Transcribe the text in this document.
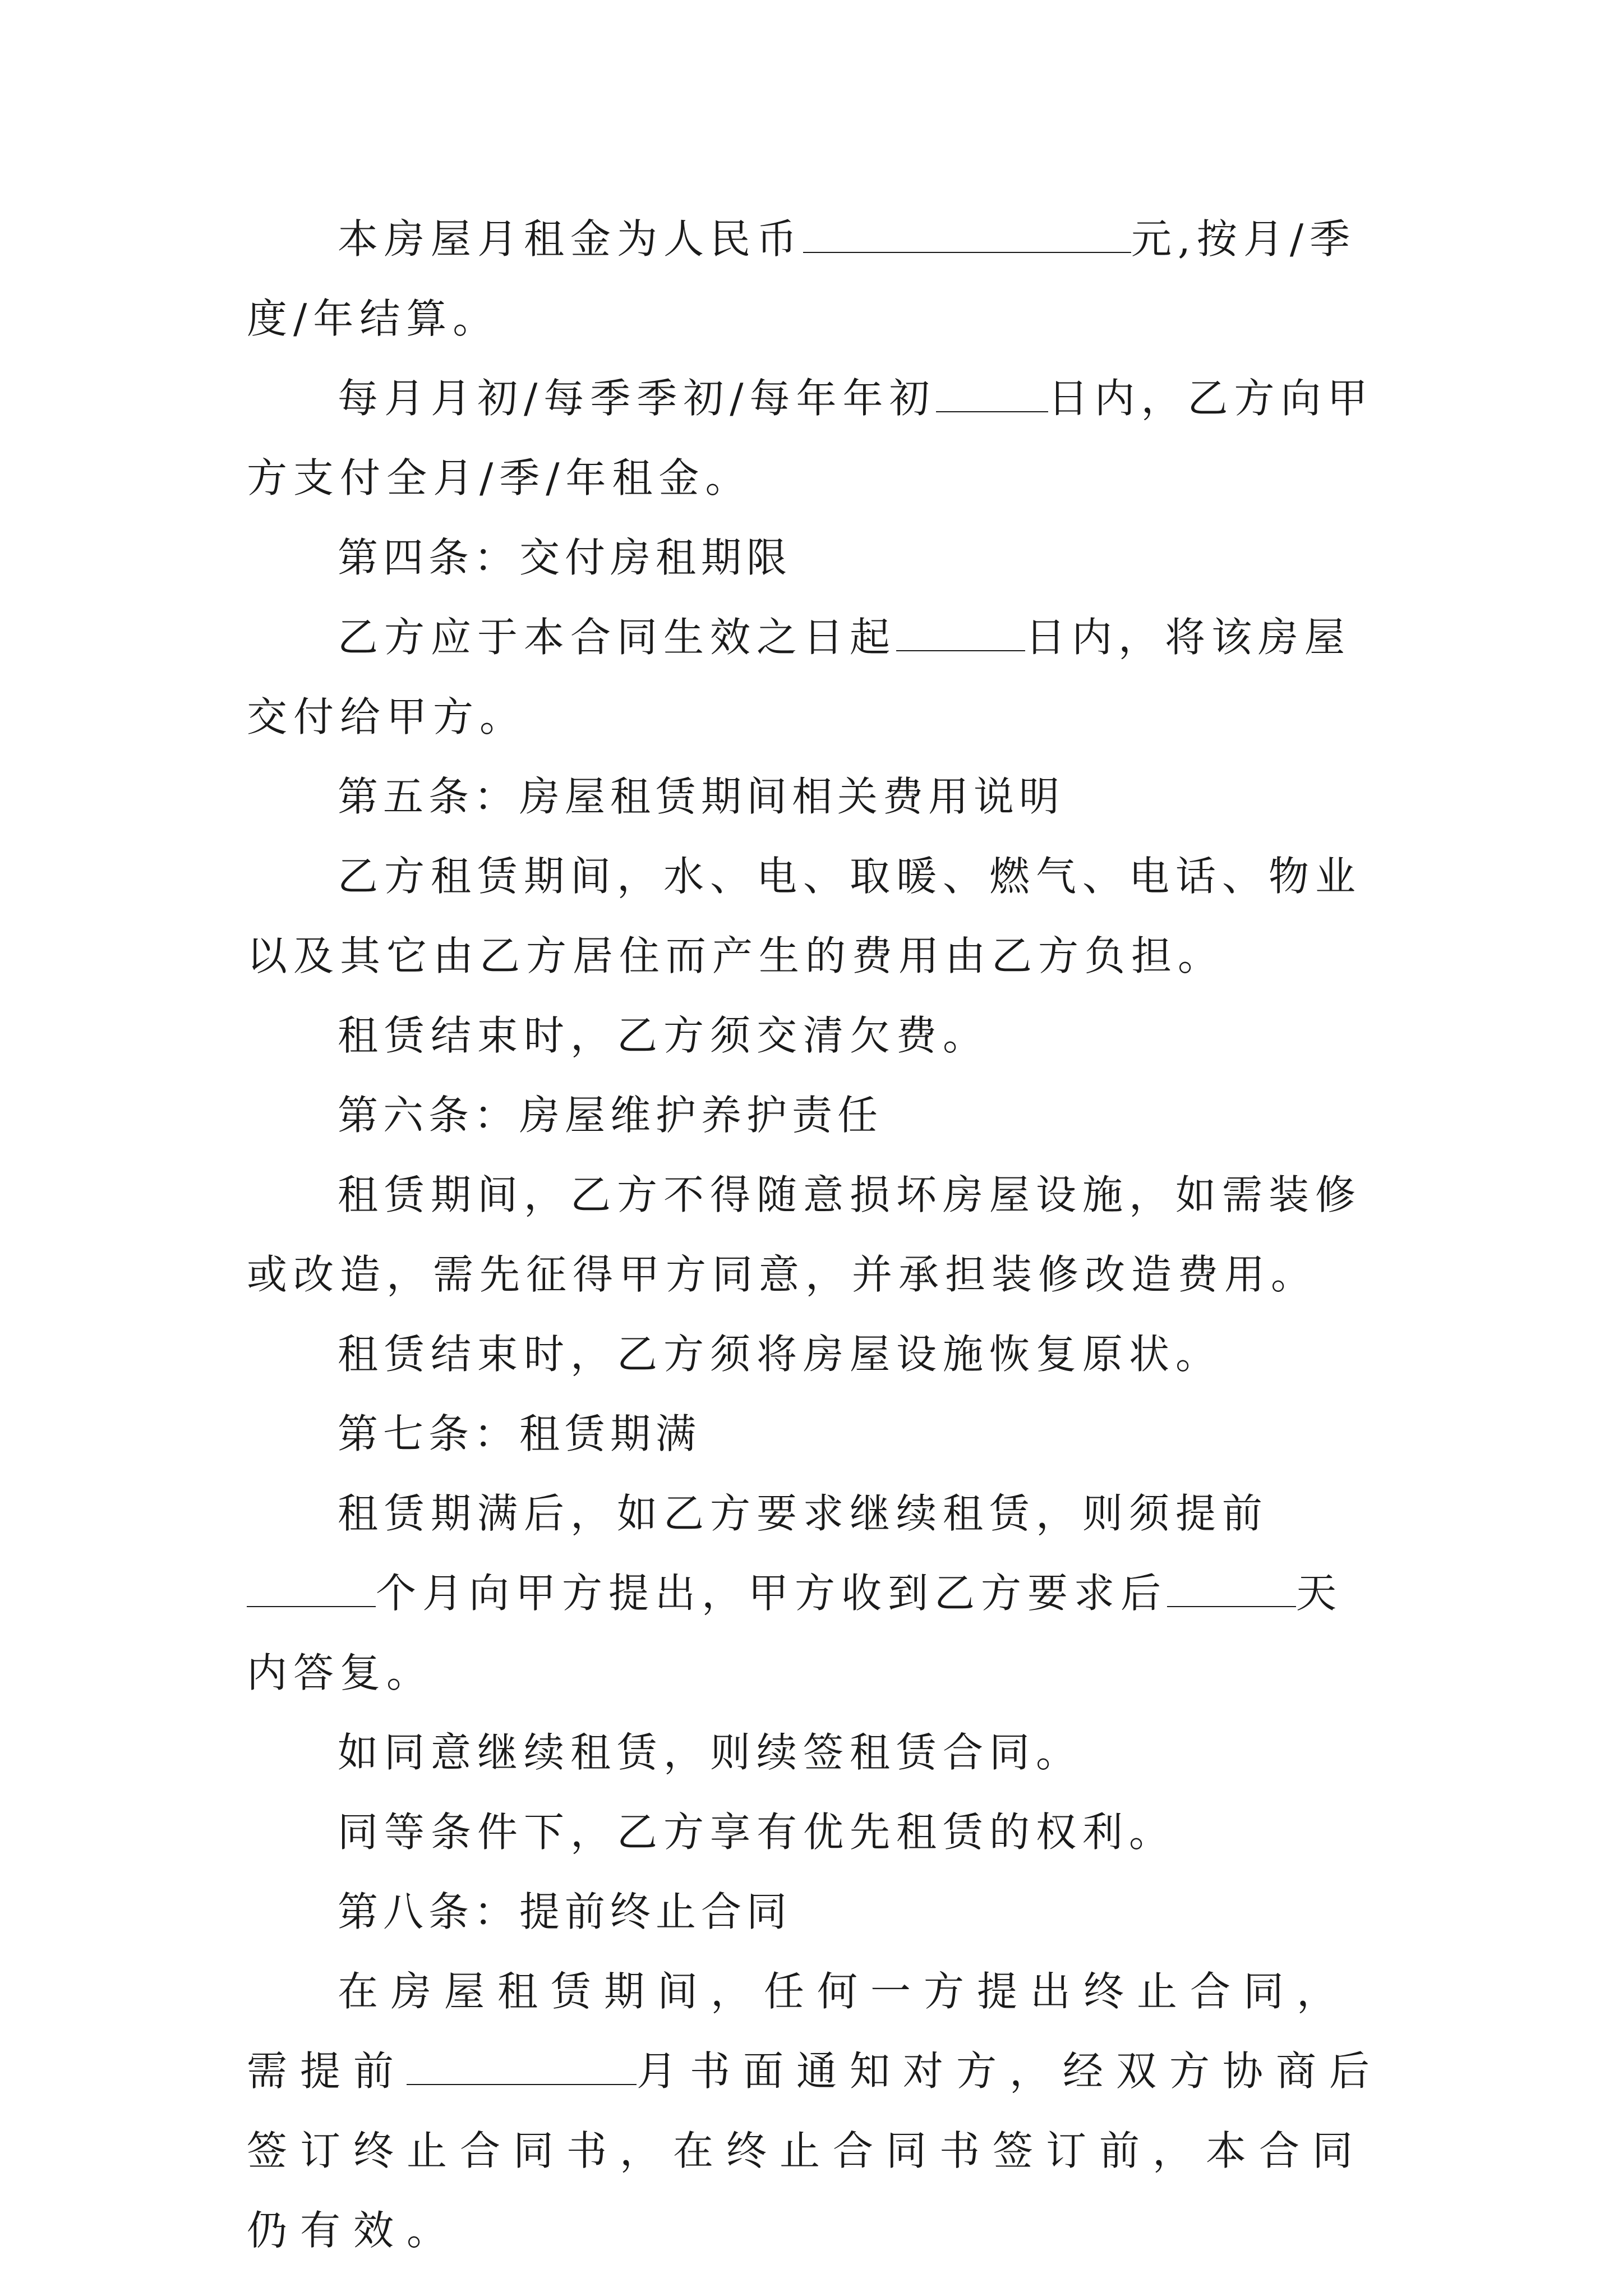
本房屋月租金为人民币	元,按月/季度/年结算。

每月月初/每季季初/每年年初	日内，乙方向甲方支付全月/季/年租金。

第四条：交付房租期限

乙方应于本合同生效之日起	日内，将该房屋交付给甲方。

第五条：房屋租赁期间相关费用说明

乙方租赁期间，水、电、取暖、燃气、电话、物业以及其它由乙方居住而产生的费用由乙方负担。

租赁结束时，乙方须交清欠费。

第六条：房屋维护养护责任

租赁期间，乙方不得随意损坏房屋设施，如需装修或改造，需先征得甲方同意，并承担装修改造费用。

租赁结束时，乙方须将房屋设施恢复原状。

第七条：租赁期满

租赁期满后，如乙方要求继续租赁，则须提前个月向甲方提出，甲方收到乙方要求后	天内答复。

如同意继续租赁，则续签租赁合同。

同等条件下，乙方享有优先租赁的权利。

第八条：提前终止合同

在房屋租赁期间，任何一方提出终止合同，需提前	月书面通知对方，经双方协商后签订终止合同书，在终止合同书签订前，本合同仍有效。
